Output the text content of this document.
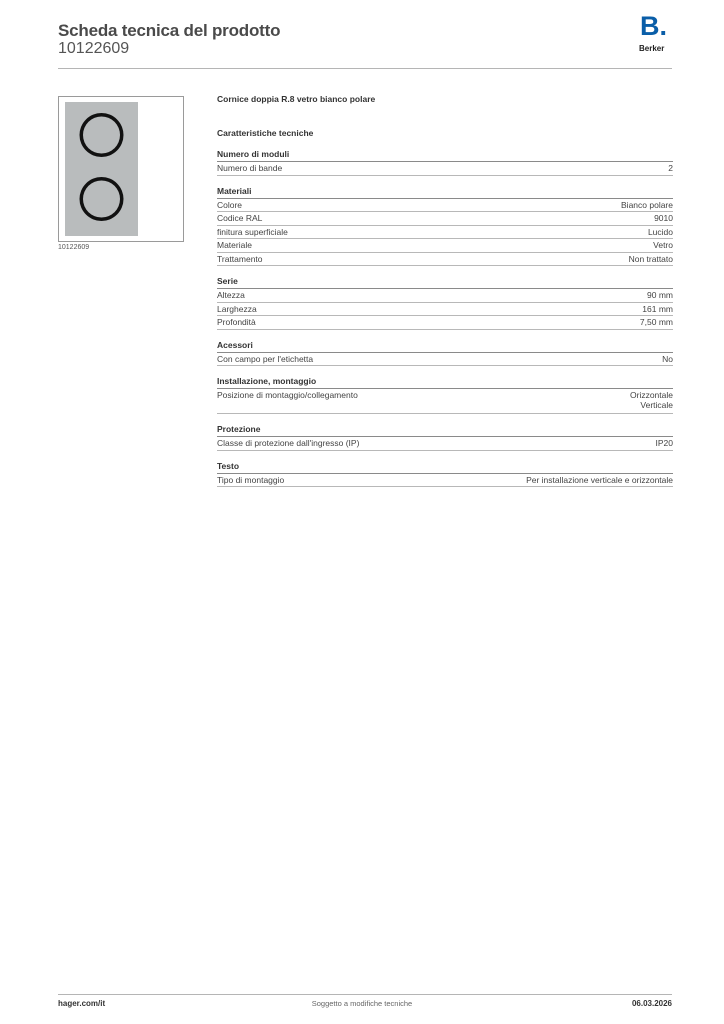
Scheda tecnica del prodotto
10122609
B.
Berker
10122609
Cornice doppia R.8 vetro bianco polare
Caratteristiche tecniche
Numero di moduli
Numero di bande	2
Materiali
Colore	Bianco polare
Codice RAL	9010
finitura superficiale	Lucido
Materiale	Vetro
Trattamento	Non trattato
Serie
Altezza	90 mm
Larghezza	161 mm
Profondità	7,50 mm
Acessori
Con campo per l'etichetta	No
Installazione, montaggio
Posizione di montaggio/collegamento	Orizzontale
Verticale
Protezione
Classe di protezione dall'ingresso (IP)	IP20
Testo
Tipo di montaggio	Per installazione verticale e orizzontale
hager.com/it	Soggetto a modifiche tecniche	06.03.2026
